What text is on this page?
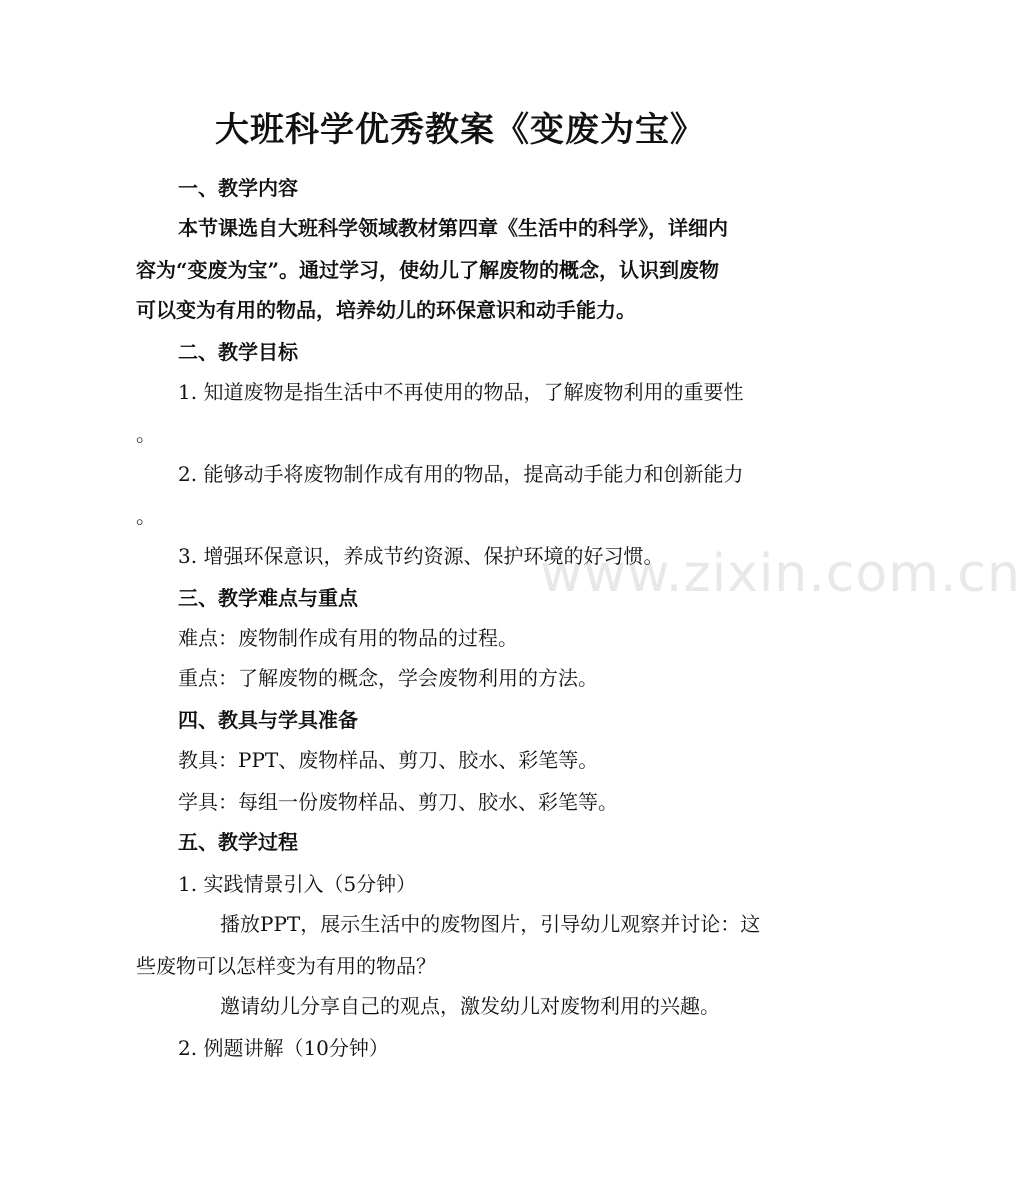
www.zixin.com.cn
大班科学优秀教案《变废为宝》
一、教学内容
本节课选自大班科学领域教材第四章《生活中的科学》，详细内
容为“变废为宝”。通过学习，使幼儿了解废物的概念，认识到废物
可以变为有用的物品，培养幼儿的环保意识和动手能力。
二、教学目标
1. 知道废物是指生活中不再使用的物品，了解废物利用的重要性
。
2. 能够动手将废物制作成有用的物品，提高动手能力和创新能力
。
3. 增强环保意识，养成节约资源、保护环境的好习惯。
三、教学难点与重点
难点：废物制作成有用的物品的过程。
重点：了解废物的概念，学会废物利用的方法。
四、教具与学具准备
教具：PPT、废物样品、剪刀、胶水、彩笔等。
学具：每组一份废物样品、剪刀、胶水、彩笔等。
五、教学过程
1. 实践情景引入（5分钟）
播放PPT，展示生活中的废物图片，引导幼儿观察并讨论：这
些废物可以怎样变为有用的物品？
邀请幼儿分享自己的观点，激发幼儿对废物利用的兴趣。
2. 例题讲解（10分钟）
